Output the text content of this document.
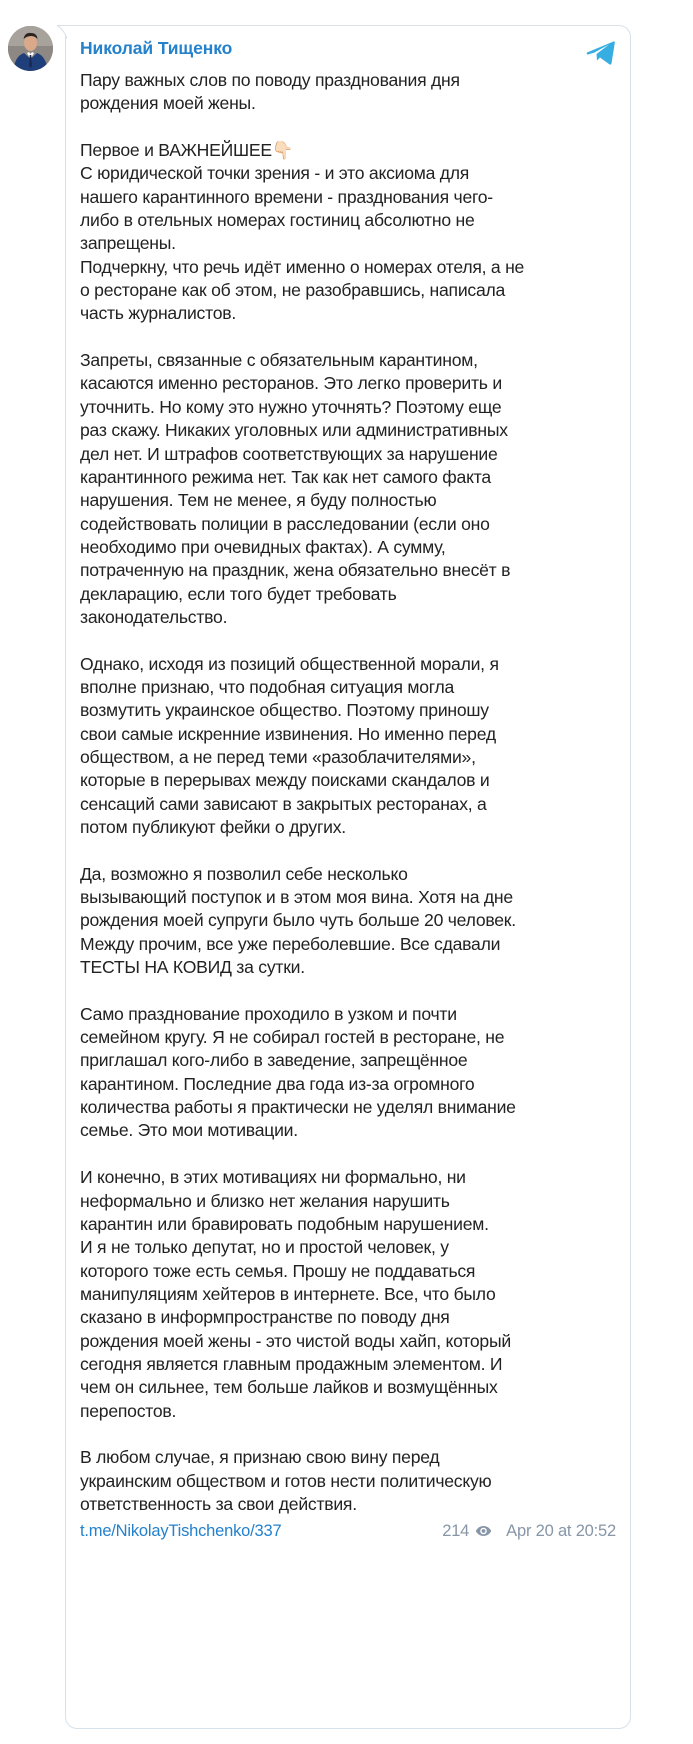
Николай Тищенко
Пару важных слов по поводу празднования дня
рождения моей жены.
Первое и ВАЖНЕЙШЕЕ👇🏻
С юридической точки зрения - и это аксиома для
нашего карантинного времени - празднования чего-
либо в отельных номерах гостиниц абсолютно не
запрещены.
Подчеркну, что речь идёт именно о номерах отеля, а не
о ресторане как об этом, не разобравшись, написала
часть журналистов.
Запреты, связанные с обязательным карантином,
касаются именно ресторанов. Это легко проверить и
уточнить. Но кому это нужно уточнять? Поэтому еще
раз скажу. Никаких уголовных или административных
дел нет. И штрафов соответствующих за нарушение
карантинного режима нет. Так как нет самого факта
нарушения. Тем не менее, я буду полностью
содействовать полиции в расследовании (если оно
необходимо при очевидных фактах). А сумму,
потраченную на праздник, жена обязательно внесёт в
декларацию, если того будет требовать
законодательство.
Однако, исходя из позиций общественной морали, я
вполне признаю, что подобная ситуация могла
возмутить украинское общество. Поэтому приношу
свои самые искренние извинения. Но именно перед
обществом, а не перед теми «разоблачителями»,
которые в перерывах между поисками скандалов и
сенсаций сами зависают в закрытых ресторанах, а
потом публикуют фейки о других.
Да, возможно я позволил себе несколько
вызывающий поступок и в этом моя вина. Хотя на дне
рождения моей супруги было чуть больше 20 человек.
Между прочим, все уже переболевшие. Все сдавали
ТЕСТЫ НА КОВИД за сутки.
Само празднование проходило в узком и почти
семейном кругу. Я не собирал гостей в ресторане, не
приглашал кого-либо в заведение, запрещённое
карантином. Последние два года из-за огромного
количества работы я практически не уделял внимание
семье. Это мои мотивации.
И конечно, в этих мотивациях ни формально, ни
неформально и близко нет желания нарушить
карантин или бравировать подобным нарушением.
И я не только депутат, но и простой человек, у
которого тоже есть семья. Прошу не поддаваться
манипуляциям хейтеров в интернете. Все, что было
сказано в информпространстве по поводу дня
рождения моей жены - это чистой воды хайп, который
сегодня является главным продажным элементом. И
чем он сильнее, тем больше лайков и возмущённых
перепостов.
В любом случае, я признаю свою вину перед
украинским обществом и готов нести политическую
ответственность за свои действия.
t.me/NikolayTishchenko/337	214 Apr 20 at 20:52
